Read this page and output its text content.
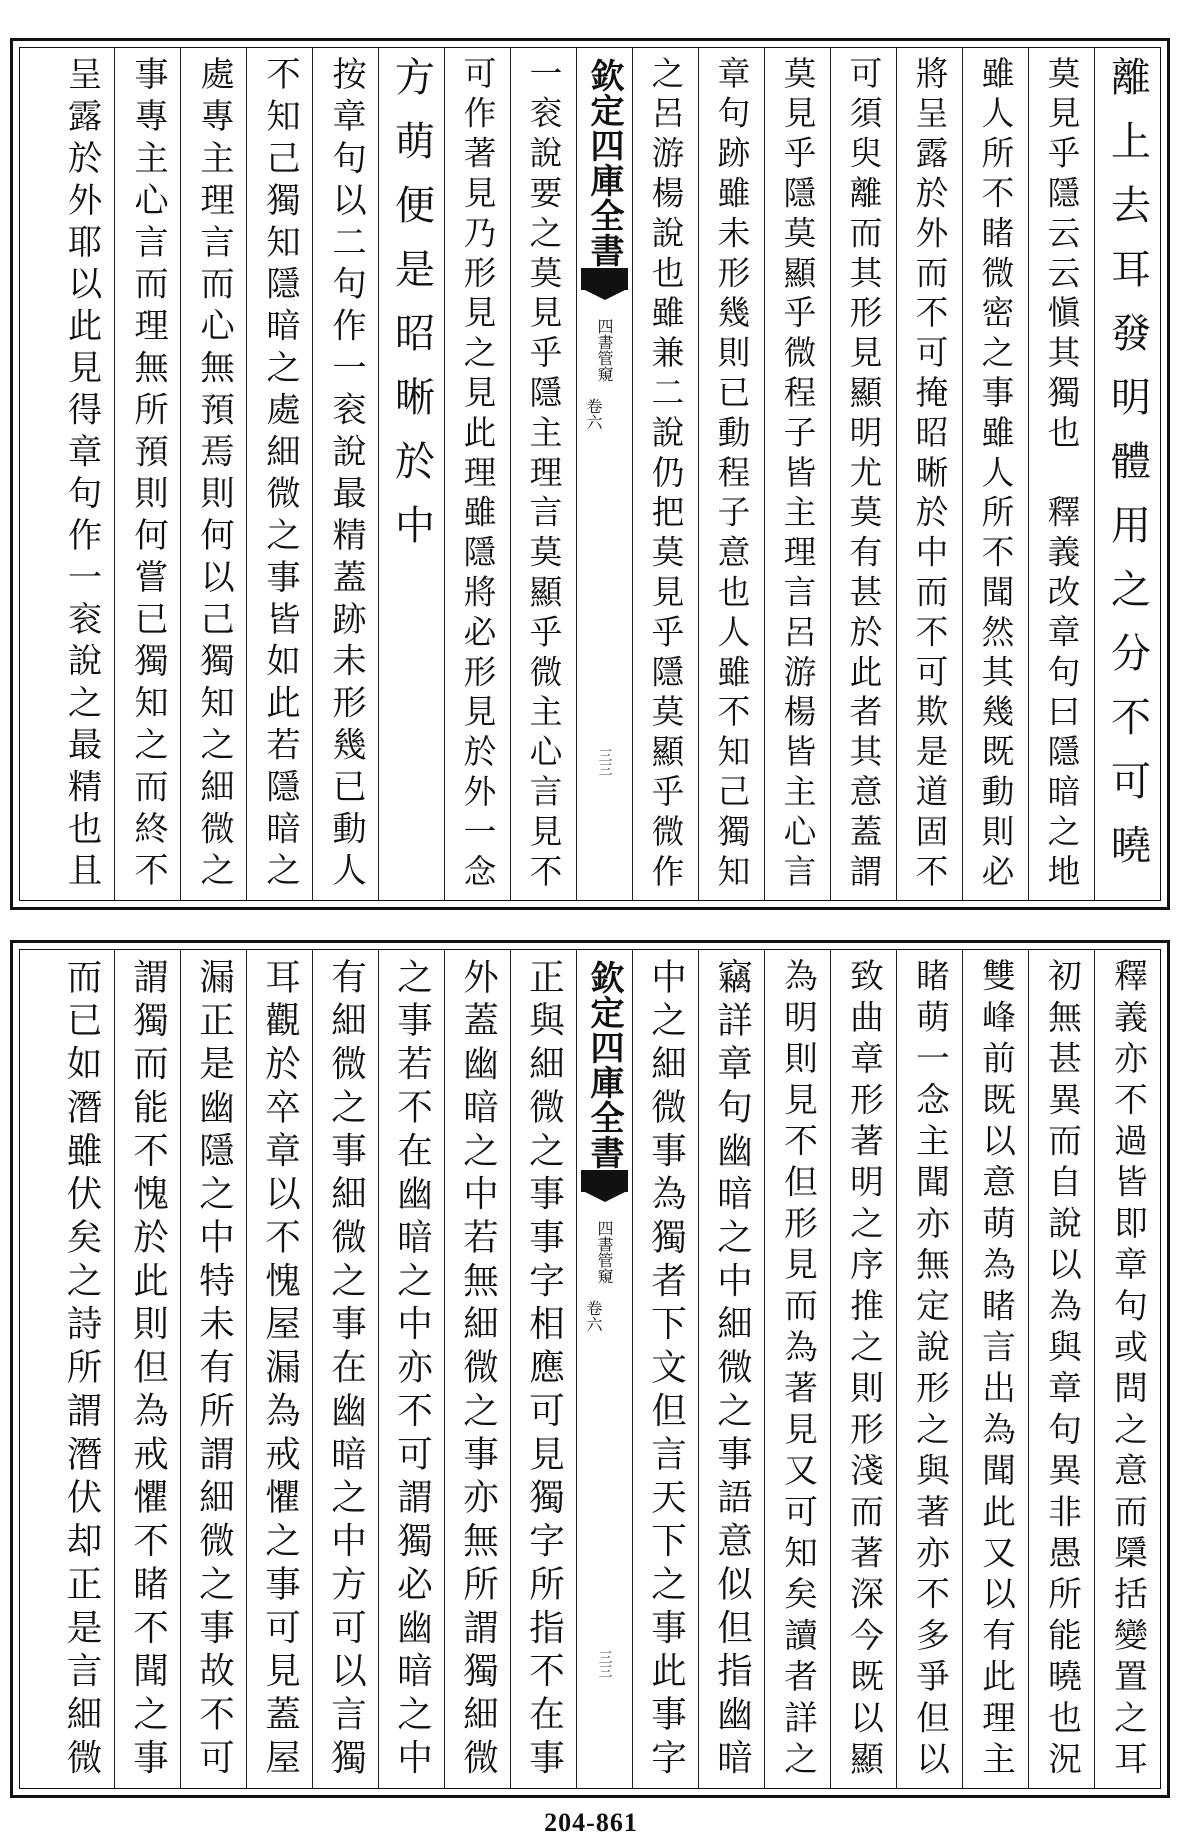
離上去耳發明體用之分不可曉
莫見乎隱云云愼其獨也　釋義改章句曰隱暗之地
雖人所不睹微密之事雖人所不聞然其幾既動則必
將呈露於外而不可掩昭晰於中而不可欺是道固不
可須臾離而其形見顯明尤莫有甚於此者其意蓋謂
莫見乎隱莫顯乎微程子皆主理言呂游楊皆主心言
章句跡雖未形幾則已動程子意也人雖不知己獨知
之呂游楊說也雖兼二說仍把莫見乎隱莫顯乎微作
欽定四庫全書
四書管窺
卷六
三三
一衮說要之莫見乎隱主理言莫顯乎微主心言見不
可作著見乃形見之見此理雖隱將必形見於外一念
方萌便是昭晰於中
按章句以二句作一衮說最精蓋跡未形幾已動人
不知己獨知隱暗之處細微之事皆如此若隱暗之
處專主理言而心無預焉則何以己獨知之細微之
事專主心言而理無所預則何嘗已獨知之而終不
呈露於外耶以此見得章句作一衮說之最精也且
釋義亦不過皆即章句或問之意而檃括變置之耳
初無甚異而自說以為與章句異非愚所能曉也況
雙峰前既以意萌為睹言出為聞此又以有此理主
睹萌一念主聞亦無定說形之與著亦不多爭但以
致曲章形著明之序推之則形淺而著深今既以顯
為明則見不但形見而為著見又可知矣讀者詳之
竊詳章句幽暗之中細微之事語意似但指幽暗
中之細微事為獨者下文但言天下之事此事字
欽定四庫全書
四書管窺
卷六
三三
正與細微之事事字相應可見獨字所指不在事
外蓋幽暗之中若無細微之事亦無所謂獨細微
之事若不在幽暗之中亦不可謂獨必幽暗之中
有細微之事細微之事在幽暗之中方可以言獨
耳觀於卒章以不愧屋漏為戒懼之事可見蓋屋
漏正是幽隱之中特未有所謂細微之事故不可
謂獨而能不愧於此則但為戒懼不睹不聞之事
而已如潛雖伏矣之詩所謂潛伏却正是言細微
204-861
